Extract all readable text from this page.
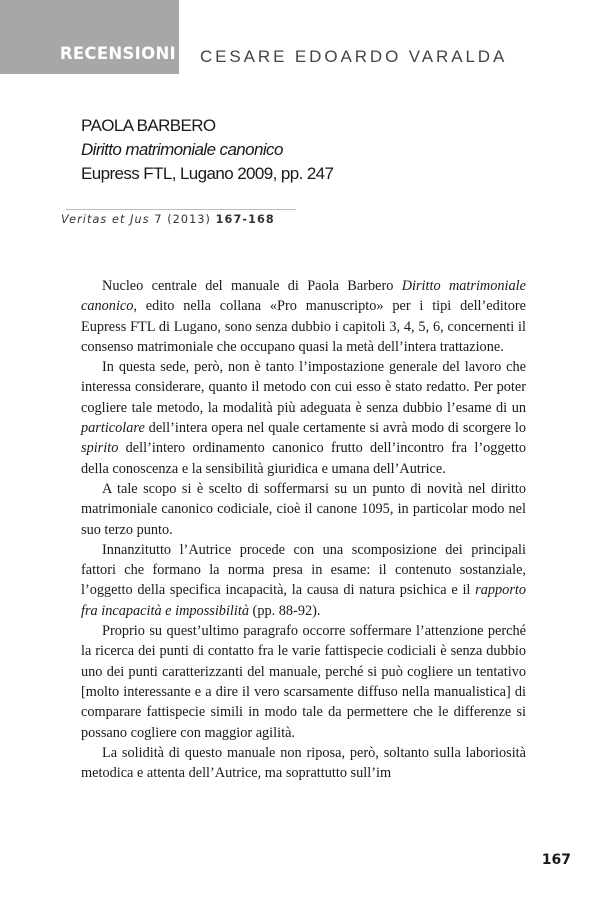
RECENSIONI CESARE EDOARDO VARALDA
PAOLA BARBERO
Diritto matrimoniale canonico
Eupress FTL, Lugano 2009, pp. 247
Veritas et Jus 7 (2013) 167-168

Nucleo centrale del manuale di Paola Barbero Diritto matrimoniale canonico, edito nella collana «Pro manuscripto» per i tipi dell’editore Eupress FTL di Lugano, sono senza dubbio i capitoli 3, 4, 5, 6, concernenti il consenso matrimoniale che occupano quasi la metà dell’intera trattazione.

In questa sede, però, non è tanto l’impostazione generale del lavoro che interessa considerare, quanto il metodo con cui esso è stato redatto. Per poter cogliere tale metodo, la modalità più adeguata è senza dubbio l’esame di un particolare dell’intera opera nel quale certamente si avrà modo di scorgere lo spirito dell’intero ordinamento canonico frutto dell’incontro fra l’oggetto della conoscenza e la sensibilità giuridica e umana dell’Autrice.

A tale scopo si è scelto di soffermarsi su un punto di novità nel diritto matrimoniale canonico codiciale, cioè il canone 1095, in particolar modo nel suo terzo punto.

Innanzitutto l’Autrice procede con una scomposizione dei principali fattori che formano la norma presa in esame: il contenuto sostanziale, l’oggetto della specifica incapacità, la causa di natura psichica e il rapporto fra incapacità e impossibilità (pp. 88-92).

Proprio su quest’ultimo paragrafo occorre soffermare l’attenzione perché la ricerca dei punti di contatto fra le varie fattispecie codiciali è senza dubbio uno dei punti caratterizzanti del manuale, perché si può cogliere un tentativo [molto interessante e a dire il vero scarsamente diffuso nella manualistica] di comparare fattispecie simili in modo tale da permettere che le differenze si possano cogliere con maggior agilità.

La solidità di questo manuale non riposa, però, soltanto sulla laboriosità metodica e attenta dell’Autrice, ma soprattutto sull’im

167
